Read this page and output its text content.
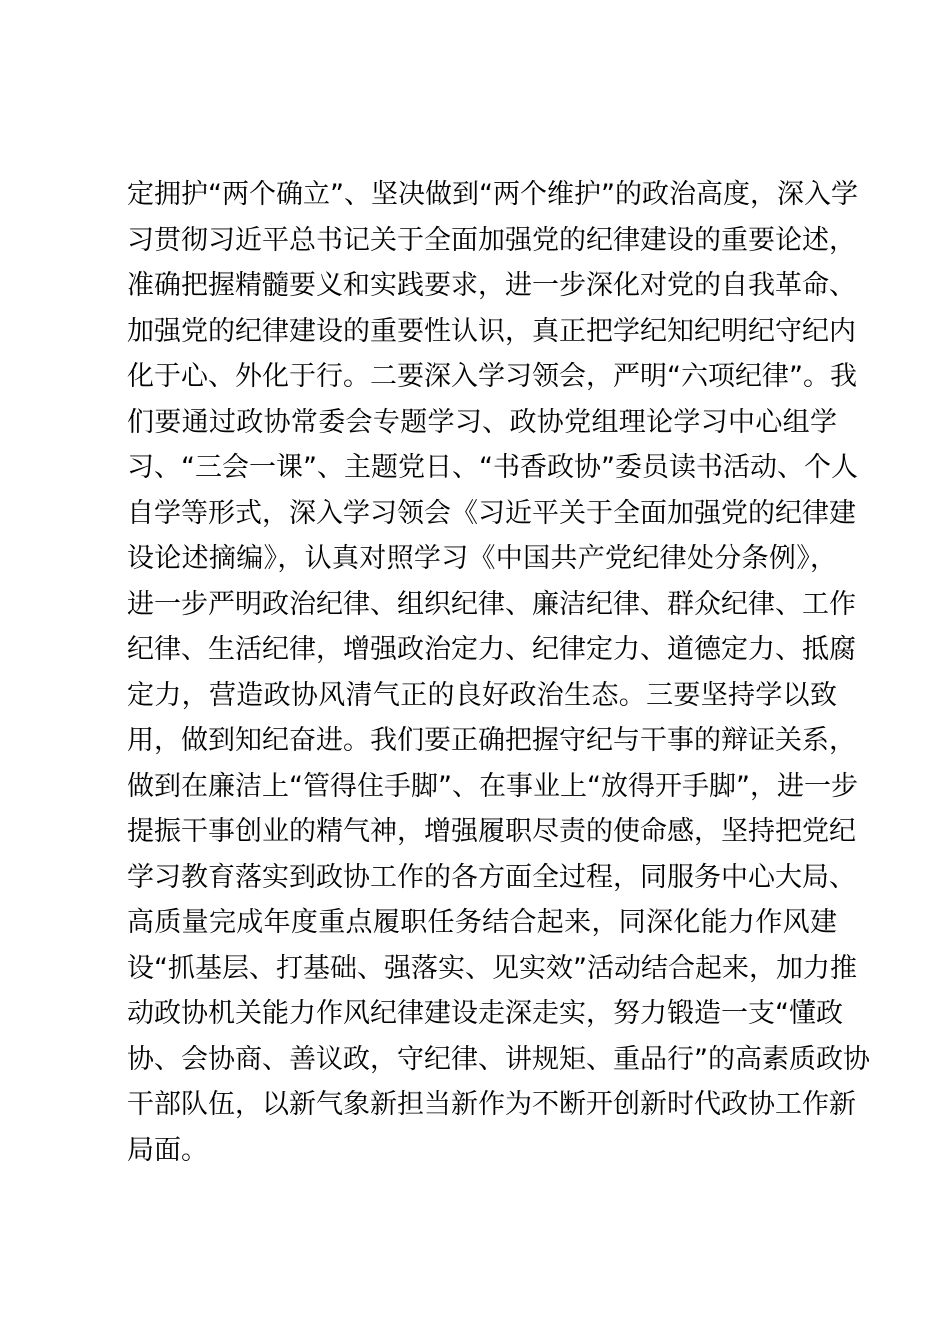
定拥护“两个确立”、坚决做到“两个维护”的政治高度，深入学
习贯彻习近平总书记关于全面加强党的纪律建设的重要论述，
准确把握精髓要义和实践要求，进一步深化对党的自我革命、
加强党的纪律建设的重要性认识，真正把学纪知纪明纪守纪内
化于心、外化于行。二要深入学习领会，严明“六项纪律”。我
们要通过政协常委会专题学习、政协党组理论学习中心组学
习、“三会一课”、主题党日、“书香政协”委员读书活动、个人
自学等形式，深入学习领会《习近平关于全面加强党的纪律建
设论述摘编》，认真对照学习《中国共产党纪律处分条例》，
进一步严明政治纪律、组织纪律、廉洁纪律、群众纪律、工作
纪律、生活纪律，增强政治定力、纪律定力、道德定力、抵腐
定力，营造政协风清气正的良好政治生态。三要坚持学以致
用，做到知纪奋进。我们要正确把握守纪与干事的辩证关系，
做到在廉洁上“管得住手脚”、在事业上“放得开手脚”，进一步
提振干事创业的精气神，增强履职尽责的使命感，坚持把党纪
学习教育落实到政协工作的各方面全过程，同服务中心大局、
高质量完成年度重点履职任务结合起来，同深化能力作风建
设“抓基层、打基础、强落实、见实效”活动结合起来，加力推
动政协机关能力作风纪律建设走深走实，努力锻造一支“懂政
协、会协商、善议政，守纪律、讲规矩、重品行”的高素质政协
干部队伍，以新气象新担当新作为不断开创新时代政协工作新
局面。
